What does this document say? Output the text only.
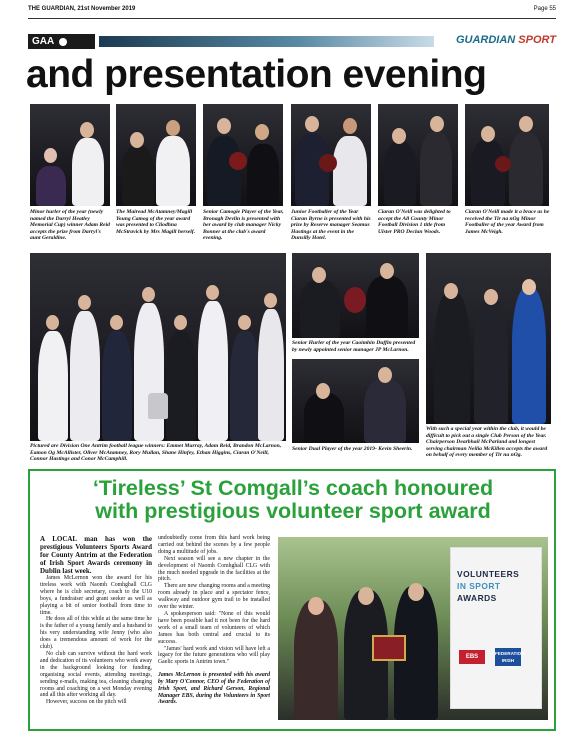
THE GUARDIAN, 21st November 2019	Page 55
GAA	GUARDIAN SPORT
and presentation evening
Minor hurler of the year (newly named the Darryl Heatley Memorial Cup) winner Adam Reid accepts the prize from Darryl's aunt Geraldine.
The Mairead McAtamney/Magill Young Camog of the year award was presented to Cliodhna McStravick by Mrs Magill herself.
Senior Camogie Player of the Year, Bronagh Devlin is presented with her award by club manager Nicky Bonner at the club's award evening.
Junior Footballer of the Year Ciaran Byrne is presented with his prize by Reserve manager Seamus Hastings at the event in the Dunsilly Hotel.
Ciaran O'Neill was delighted to accept the All County Minor Football Division 1 title from Ulster PRO Declan Woods.
Ciaran O'Neill made it a brace as he received the Tir na nOg Minor Footballer of the year Award from James McVeigh.
Senior Hurler of the year Caoimhin Duffin presented by newly appointed senior manager JP McLarnon.
Senior Dual Player of the year 2019- Kevin Sheerin.
With such a special year within the club, it would be difficult to pick out a single Club Person of the Year. Chairperson Dearbhail McParland and longest serving chairman Neilia McKillen accepts the award on behalf of every member of Tir na nOg.
Pictured are Division One Antrim football league winners: Emmet Murray, Adam Reid, Brandon McLarnon, Eamon Og McAllister, Oliver McAtamney, Rory Mullan, Shane Hinfey, Ethan Higgins, Ciaran O'Neill, Connor Hastings and Conor McCamphill.
‘Tireless’ St Comgall’s coach honoured
with prestigious volunteer sport award

A LOCAL man has won the prestigious Volunteers Sports Award for County Antrim at the Federation of Irish Sport Awards ceremony in Dublin last week.

James McLernon won the award for his tireless work with Naomh Comhghall CLG where he is club secretary, coach to the U10 boys, a fundraiser and grant seeker as well as playing a bit of senior football from time to time.

He does all of this while at the same time he is the father of a young family and a husband to his very understanding wife Jenny (who also does a tremendous amount of work for the club).

No club can survive without the hard work and dedication of its volunteers who work away in the background looking for funding, organising social events, attending meetings, sending e-mails, making tea, cleaning changing rooms and coaching on a wet Monday evening and all this after working all day.

However, success on the pitch will

undoubtedly come from this hard work being carried out behind the scenes by a few people doing a multitude of jobs.

Next season will see a new chapter in the development of Naomh Comhghall CLG with the much needed upgrade in the facilities at the pitch.

There are new changing rooms and a meeting room already in place and a spectator fence, walkway and outdoor gym trail to be installed over the winter.

A spokesperson said: "None of this would have been possible had it not been for the hard work of a small team of volunteers of which James has both central and crucial to its success.

"James' hard work and vision will have left a legacy for the future generations who will play Gaelic sports in Antrim town."

James McLernon is presented with his award by Mary O'Connor, CEO of the Federation of Irish Sport, and Richard Gerson, Regional Manager EBS, during the Volunteers in Sport Awards.

VOLUNTEERS
IN SPORT
AWARDS
EBS
FEDERATION IRISH SPORT
